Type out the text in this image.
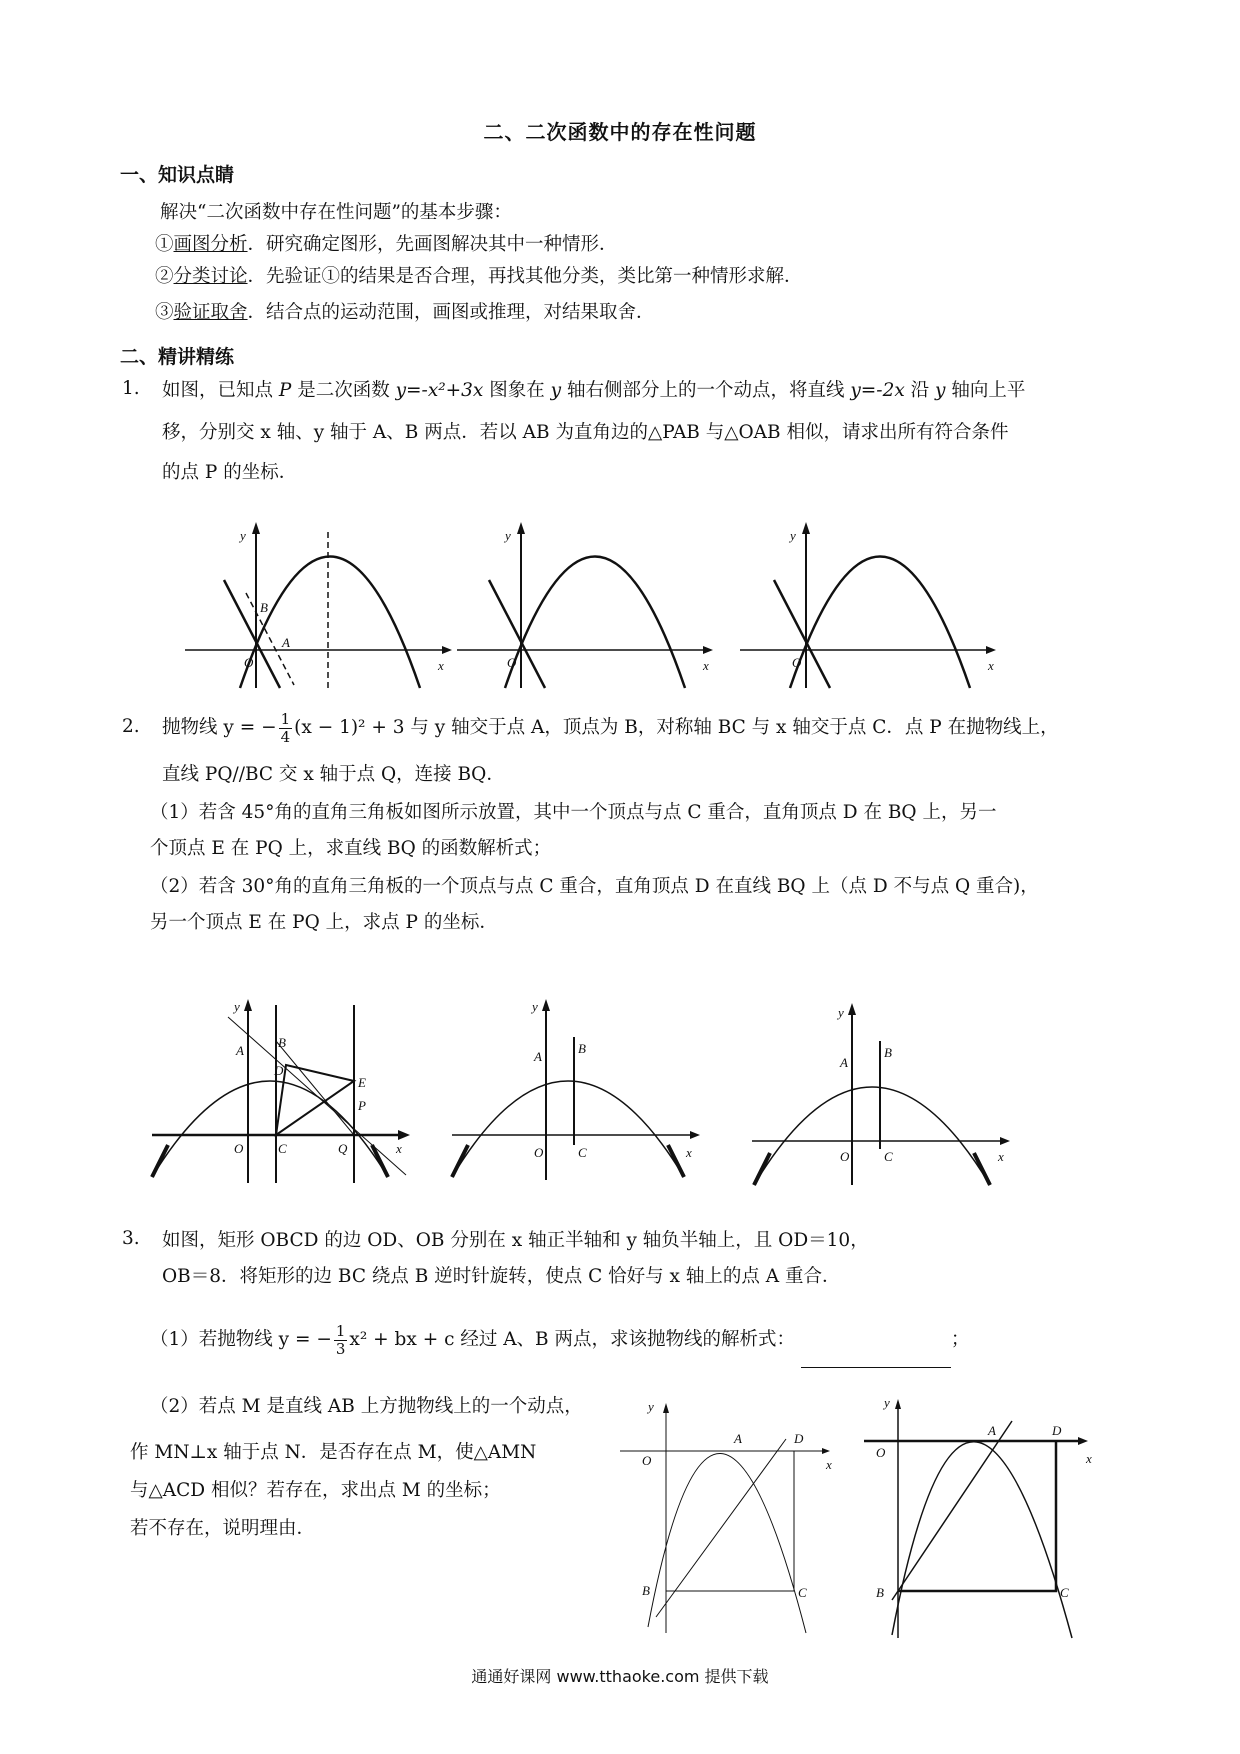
二、二次函数中的存在性问题
一、知识点睛
解决“二次函数中存在性问题”的基本步骤：
①画图分析．研究确定图形，先画图解决其中一种情形．
②分类讨论．先验证①的结果是否合理，再找其他分类，类比第一种情形求解．
③验证取舍．结合点的运动范围，画图或推理，对结果取舍．
二、精讲精练
1. 如图，已知点 P 是二次函数 y=-x²+3x 图象在 y 轴右侧部分上的一个动点，将直线 y=-2x 沿 y 轴向上平
移，分别交 x 轴、y 轴于 A、B 两点．若以 AB 为直角边的△PAB 与△OAB 相似，请求出所有符合条件
的点 P 的坐标．
y
O
B
A
x
y
O	x
y
O	x
2. 抛物线 y = − $\frac{1}{4} (x - 1)^2 + 3$ 与 y 轴交于点 A，顶点为 B，对称轴 BC 与 x 轴交于点 C．点 P 在抛物线上，
直线 PQ//BC 交 x 轴于点 Q，连接 BQ．
（1）若含 45°角的直角三角板如图所示放置，其中一个顶点与点 C 重合，直角顶点 D 在 BQ 上，另一
个顶点 E 在 PQ 上，求直线 BQ 的函数解析式；
（2）若含 30°角的直角三角板的一个顶点与点 C 重合，直角顶点 D 在直线 BQ 上（点 D 不与点 Q 重合)，
另一个顶点 E 在 PQ 上，求点 P 的坐标．
y
A
B
D
E
P
O	C	Q	x
y
A
B
O	C	x
y
A
B
O	C	x
3. 如图，矩形 OBCD 的边 OD、OB 分别在 x 轴正半轴和 y 轴负半轴上，且 OD＝10，
OB＝8．将矩形的边 BC 绕点 B 逆时针旋转，使点 C 恰好与 x 轴上的点 A 重合．
（1）若抛物线 y = − $\frac{1}{3} x^2$ + bx + c 经过 A、B 两点，求该抛物线的解析式：	；
（2）若点 M 是直线 AB 上方抛物线上的一个动点，
作 MN⊥x 轴于点 N．是否存在点 M，使△AMN
与△ACD 相似？若存在，求出点 M 的坐标；
若不存在，说明理由．
y
O
A	D
B	C
x
y
O
A	D
B	C
x
通通好课网 www.tthaoke.com 提供下载
